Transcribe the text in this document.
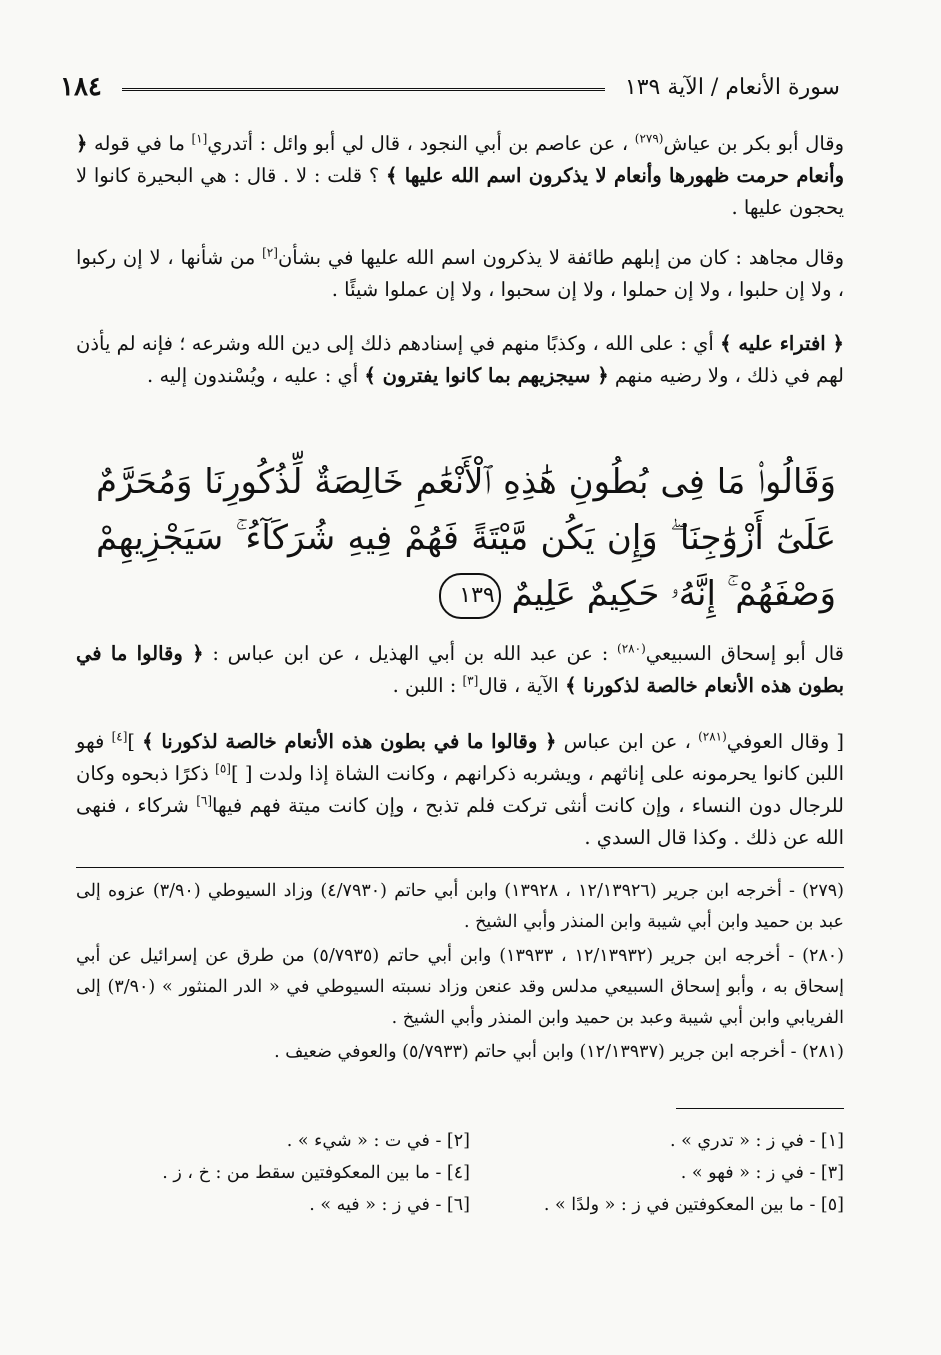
١٨٤	سورة الأنعام / الآية ١٣٩

وقال أبو بكر بن عياش$^{(٢٧٩)}$ ، عن عاصم بن أبي النجود ، قال لي أبو وائل : أتدري[١] ما في قوله ﴿ وأنعام حرمت ظهورها وأنعام لا يذكرون اسم الله عليها ﴾ ؟ قلت : لا . قال : هي البحيرة كانوا لا يحجون عليها .

وقال مجاهد : كان من إبلهم طائفة لا يذكرون اسم الله عليها في بشأن[٢] من شأنها ، لا إن ركبوا ، ولا إن حلبوا ، ولا إن حملوا ، ولا إن سحبوا ، ولا إن عملوا شيئًا .

﴿ افتراء عليه ﴾ أي : على الله ، وكذبًا منهم في إسنادهم ذلك إلى دين الله وشرعه ؛ فإنه لم يأذن لهم في ذلك ، ولا رضيه منهم ﴿ سيجزيهم بما كانوا يفترون ﴾ أي : عليه ، ويُسْندون إليه .

وَقَالُوا۟ مَا فِى بُطُونِ هَٰذِهِ ٱلْأَنْعَٰمِ خَالِصَةٌ لِّذُكُورِنَا وَمُحَرَّمٌ عَلَىٰٓ أَزْوَٰجِنَا ۖ وَإِن يَكُن مَّيْتَةً فَهُمْ فِيهِ شُرَكَآءُ ۚ سَيَجْزِيهِمْ وَصْفَهُمْ ۚ إِنَّهُۥ حَكِيمٌ عَلِيمٌ ١٣٩

قال أبو إسحاق السبيعي$^{(٢٨٠)}$ : عن عبد الله بن أبي الهذيل ، عن ابن عباس : ﴿ وقالوا ما في بطون هذه الأنعام خالصة لذكورنا ﴾ الآية ، قال[٣] : اللبن .

[ وقال العوفي$^{(٢٨١)}$ ، عن ابن عباس ﴿ وقالوا ما في بطون هذه الأنعام خالصة لذكورنا ﴾ ][٤] فهو اللبن كانوا يحرمونه على إناثهم ، ويشربه ذكرانهم ، وكانت الشاة إذا ولدت [ ][٥] ذكرًا ذبحوه وكان للرجال دون النساء ، وإن كانت أنثى تركت فلم تذبح ، وإن كانت ميتة فهم فيها[٦] شركاء ، فنهى الله عن ذلك . وكذا قال السدي .

(٢٧٩) - أخرجه ابن جرير (١٢/١٣٩٢٦ ، ١٣٩٢٨) وابن أبي حاتم (٤/٧٩٣٠) وزاد السيوطي (٣/٩٠) عزوه إلى عبد بن حميد وابن أبي شيبة وابن المنذر وأبي الشيخ .
(٢٨٠) - أخرجه ابن جرير (١٢/١٣٩٣٢ ، ١٣٩٣٣) وابن أبي حاتم (٥/٧٩٣٥) من طرق عن إسرائيل عن أبي إسحاق به ، وأبو إسحاق السبيعي مدلس وقد عنعن وزاد نسبته السيوطي في « الدر المنثور » (٣/٩٠) إلى الفريابي وابن أبي شيبة وعبد بن حميد وابن المنذر وأبي الشيخ .
(٢٨١) - أخرجه ابن جرير (١٢/١٣٩٣٧) وابن أبي حاتم (٥/٧٩٣٣) والعوفي ضعيف .
[١] - في ز : « تدري » .
[٢] - في ت : « شيء » .
[٣] - في ز : « فهو » .
[٤] - ما بين المعكوفتين سقط من : خ ، ز .
[٥] - ما بين المعكوفتين في ز : « ولدًا » .
[٦] - في ز : « فيه » .
